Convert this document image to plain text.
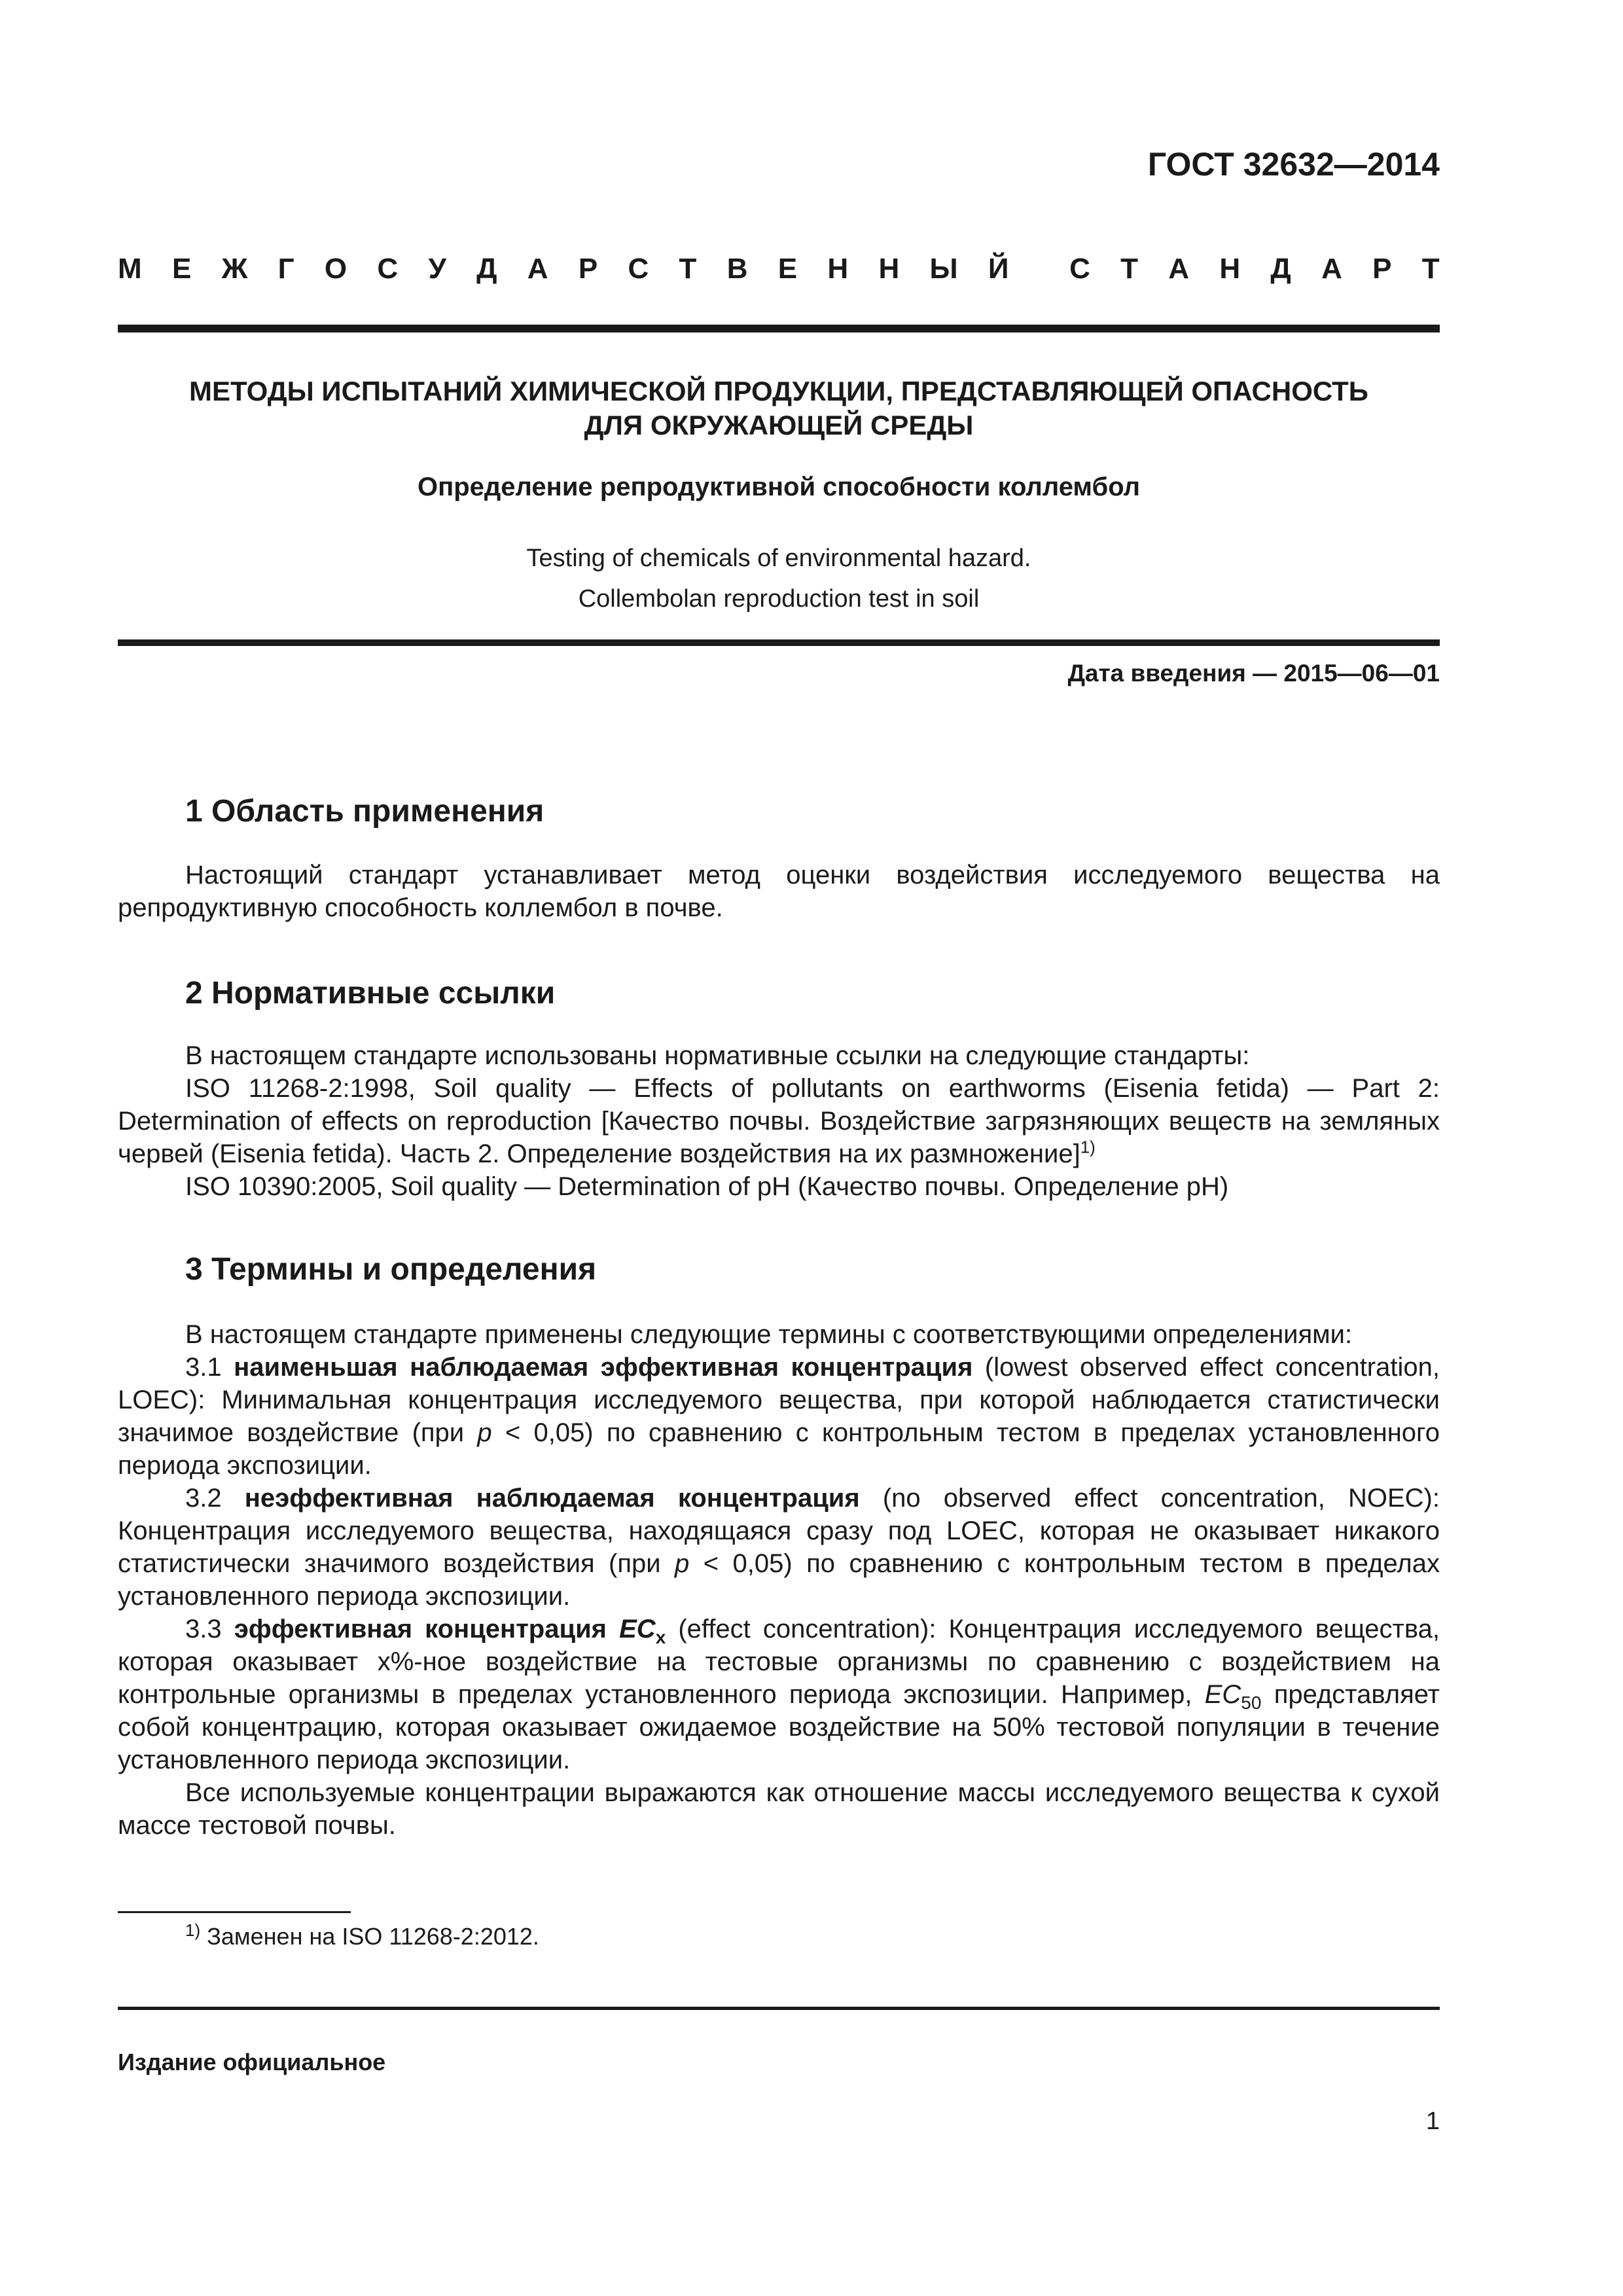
ГОСТ 32632—2014
М Е Ж Г О С У Д А Р С Т В Е Н Н Ы Й С Т А Н Д А Р Т
МЕТОДЫ ИСПЫТАНИЙ ХИМИЧЕСКОЙ ПРОДУКЦИИ, ПРЕДСТАВЛЯЮЩЕЙ ОПАСНОСТЬ
ДЛЯ ОКРУЖАЮЩЕЙ СРЕДЫ
Определение репродуктивной способности коллембол
Testing of chemicals of environmental hazard.
Collembolan reproduction test in soil
Дата введения — 2015—06—01
1 Область применения

Настоящий стандарт устанавливает метод оценки воздействия исследуемого вещества на репродуктивную способность коллембол в почве.

2 Нормативные ссылки

В настоящем стандарте использованы нормативные ссылки на следующие стандарты:

ISO 11268-2:1998, Soil quality — Effects of pollutants on earthworms (Eisenia fetida) — Part 2: Determination of effects on reproduction [Качество почвы. Воздействие загрязняющих веществ на земляных червей (Eisenia fetida). Часть 2. Определение воздействия на их размножение]$^{1)}$

ISO 10390:2005, Soil quality — Determination of pH (Качество почвы. Определение pH)

3 Термины и определения

В настоящем стандарте применены следующие термины с соответствующими определениями:

3.1 наименьшая наблюдаемая эффективная концентрация (lowest observed effect concentration, LOEC): Минимальная концентрация исследуемого вещества, при которой наблюдается статистически значимое воздействие (при p < 0,05) по сравнению с контрольным тестом в пределах установленного периода экспозиции.

3.2 неэффективная наблюдаемая концентрация (no observed effect concentration, NOEC): Концентрация исследуемого вещества, находящаяся сразу под LOEC, которая не оказывает никакого статистически значимого воздействия (при p < 0,05) по сравнению с контрольным тестом в пределах установленного периода экспозиции.

3.3 эффективная концентрация $EC_x$ (effect concentration): Концентрация исследуемого вещества, которая оказывает x%-ное воздействие на тестовые организмы по сравнению с воздействием на контрольные организмы в пределах установленного периода экспозиции. Например, $EC_{50}$ представляет собой концентрацию, которая оказывает ожидаемое воздействие на 50% тестовой популяции в течение установленного периода экспозиции.

Все используемые концентрации выражаются как отношение массы исследуемого вещества к сухой массе тестовой почвы.

$^{1)}$ Заменен на ISO 11268-2:2012.
Издание официальное
1
